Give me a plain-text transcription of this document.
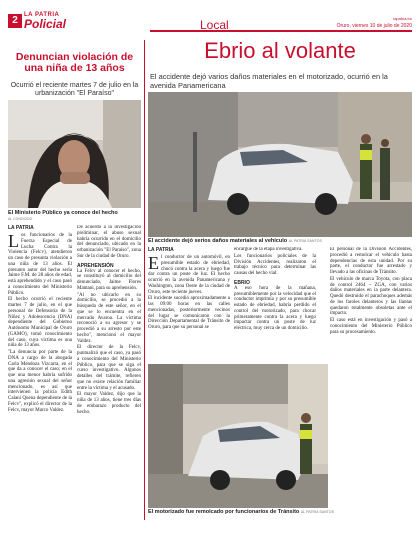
2	LA PATRIA
Policial	Local	lapatria.bo
Oruro, viernes 10 de julio de 2020
Denuncian violación de una niña de 13 años
Ocurrió el reciente martes 7 de julio en la urbanización "El Paraíso"
El Ministerio Público ya conoce del hecho
AL CONOCIDO
LA PATRIA

Los funcionarios de la Fuerza Especial de Lucha Contra la Violencia (Felcv), atendieron un caso de presunta violación a una niña de 13 años. El presunto autor del hecho sería Jaime F.M. de 28 años de edad, está aprehendido y el caso pasó a conocimiento del Ministerio Público.

El hecho ocurrió el reciente martes 7 de julio, en el que personal de Defensoría de la Niñez y Adolescencia (DNA) dependiente del Gobierno Autónomo Municipal de Oruro (GAMO), tomó conocimiento del caso, cuya víctima es una niña de 13 años.

"La denuncia por parte de la DNA a cargo de la abogada Carla Mendoza Vizcarra, en el que da a conocer el caso; en el que una menor habría sufrido una agresión sexual del señor mencionado, es así que intervienen la policía Edith Calani Quena dependiente de la Felcv", explicó el director de la Felcv, mayor Marco Valdez.

De acuerdo a la investigación preliminar, el abuso sexual habría ocurrido en el domicilio del denunciado, ubicado en la urbanización "El Paraíso", zona Sur de la ciudad de Oruro.

APREHENSIÓN

La Felcv al conocer el hecho, se constituyó al domicilio del denunciado, Jaime Flores Mamani, para su aprehensión.

"Al no ubicarlo en su domicilio, se procedió a la búsqueda de este señor, en el que se lo encuentra en el mercado Avaroa. La víctima reconoció a su agresor y se procedió a su arresto por este hecho", mencionó el mayor Valdez.

El director de la Felcv, puntualizó que el caso, ya pasó a conocimiento del Ministerio Público, para que se siga el curso investigativo. Algunos detalles del trámite, refieren que no existe relación familiar entre la víctima y el acusado.

El mayor Valdez, dijo que la niña de 13 años, tiene tres días de embarazo producto del hecho.

Ebrio al volante
El accidente dejó varios daños materiales en el motorizado, ocurrió en la avenida Panamericana
El accidente dejó serios daños materiales al vehículo AL PATRIA SANTOS
LA PATRIA

El conductor de un automóvil, en presumible estado de ebriedad, chocó contra la acera y luego fue dar contra un poste de luz. El hecho ocurrió en la avenida Panamericana y Washington, zona Oeste de la ciudad de Oruro, este reciente jueves.

El incidente sucedió aproximadamente a las 09:00 horas en las calles mencionadas, posteriormente vecinos del lugar se comunicaron con la Dirección Departamental de Tránsito de Oruro, para que su personal se

encargue de la etapa investigativa.

Los funcionarios policiales de la División Accidentes, realizaron el trabajo técnico para determinar las causas del hecho vial.

EBRIO

A eso hora de la mañana, presumiblemente por la velocidad que el conductor imprimía y por su presumible estado de ebriedad, habría perdido el control del motorizado, para chocar primeramente contra la acera y luego impactar contra un poste de luz eléctrica, muy cerca de un domicilio.

El personal de la División Accidentes, procedió a remolcar el vehículo hasta dependencias de esta unidad. Por su parte, el conductor fue arrestado y llevado a las oficinas de Tránsito.

El vehículo de marca Toyota, con placa de control 2464 – ZGA, con varios daños materiales en la parte delantera. Quedó destruido el parachoques además de los faroles delanteros y las llantas quedaron totalmente obsoletas ante el impacto.

El caso está en investigación y pasó a conocimiento del Ministerio Público para su procesamiento.

El motorizado fue remolcado por funcionarios de Tránsito AL PATRIA SANTOS
